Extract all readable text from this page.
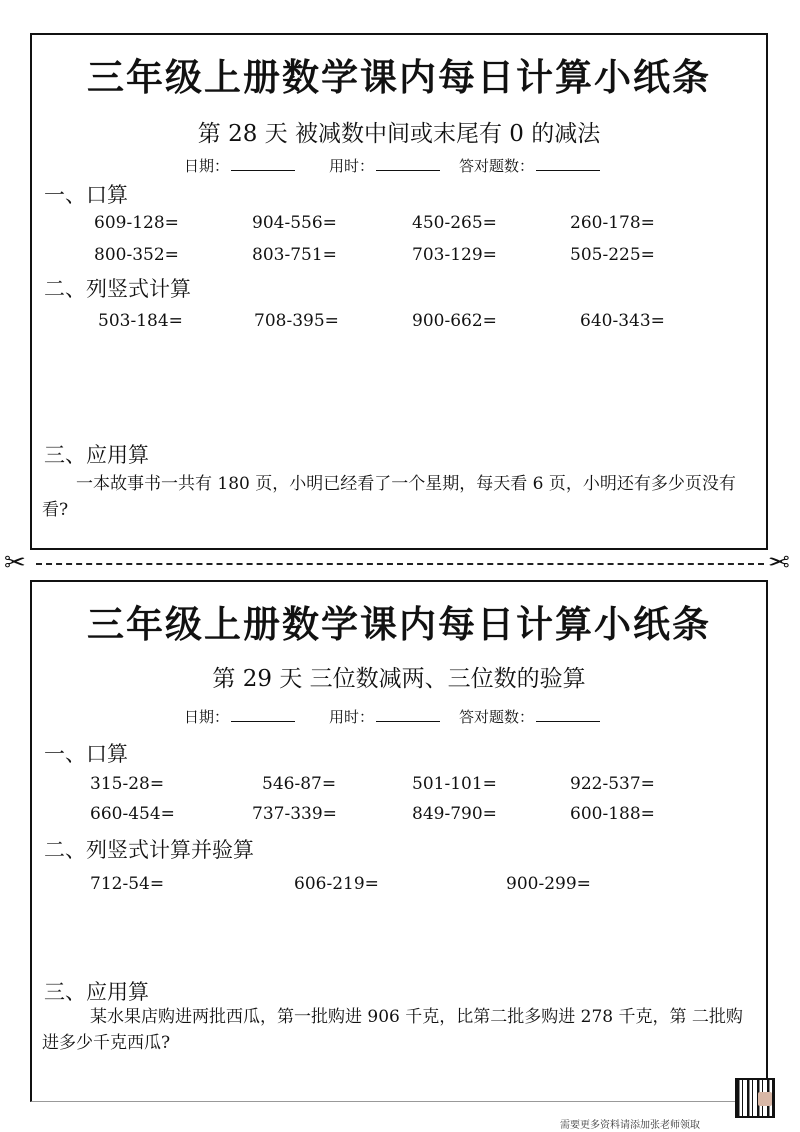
三年级上册数学课内每日计算小纸条
第 28 天 被减数中间或末尾有 0 的减法
日期：	用时：	答对题数：
一、口算
609-128=	904-556=	450-265=	260-178=
800-352=	803-751=	703-129=	505-225=
二、列竖式计算
503-184=	708-395=	900-662=	640-343=
三、应用算
一本故事书一共有 180 页，小明已经看了一个星期，每天看 6 页，小明还有多少页没有看?
✂	✂
三年级上册数学课内每日计算小纸条
第 29 天 三位数减两、三位数的验算
日期：	用时：	答对题数：
一、口算
315-28=	546-87=	501-101=	922-537=
660-454=	737-339=	849-790=	600-188=
二、列竖式计算并验算
712-54=	606-219=	900-299=
三、应用算
某水果店购进两批西瓜，第一批购进 906 千克，比第二批多购进 278 千克，第 二批购进多少千克西瓜?
需要更多资料请添加张老师领取
